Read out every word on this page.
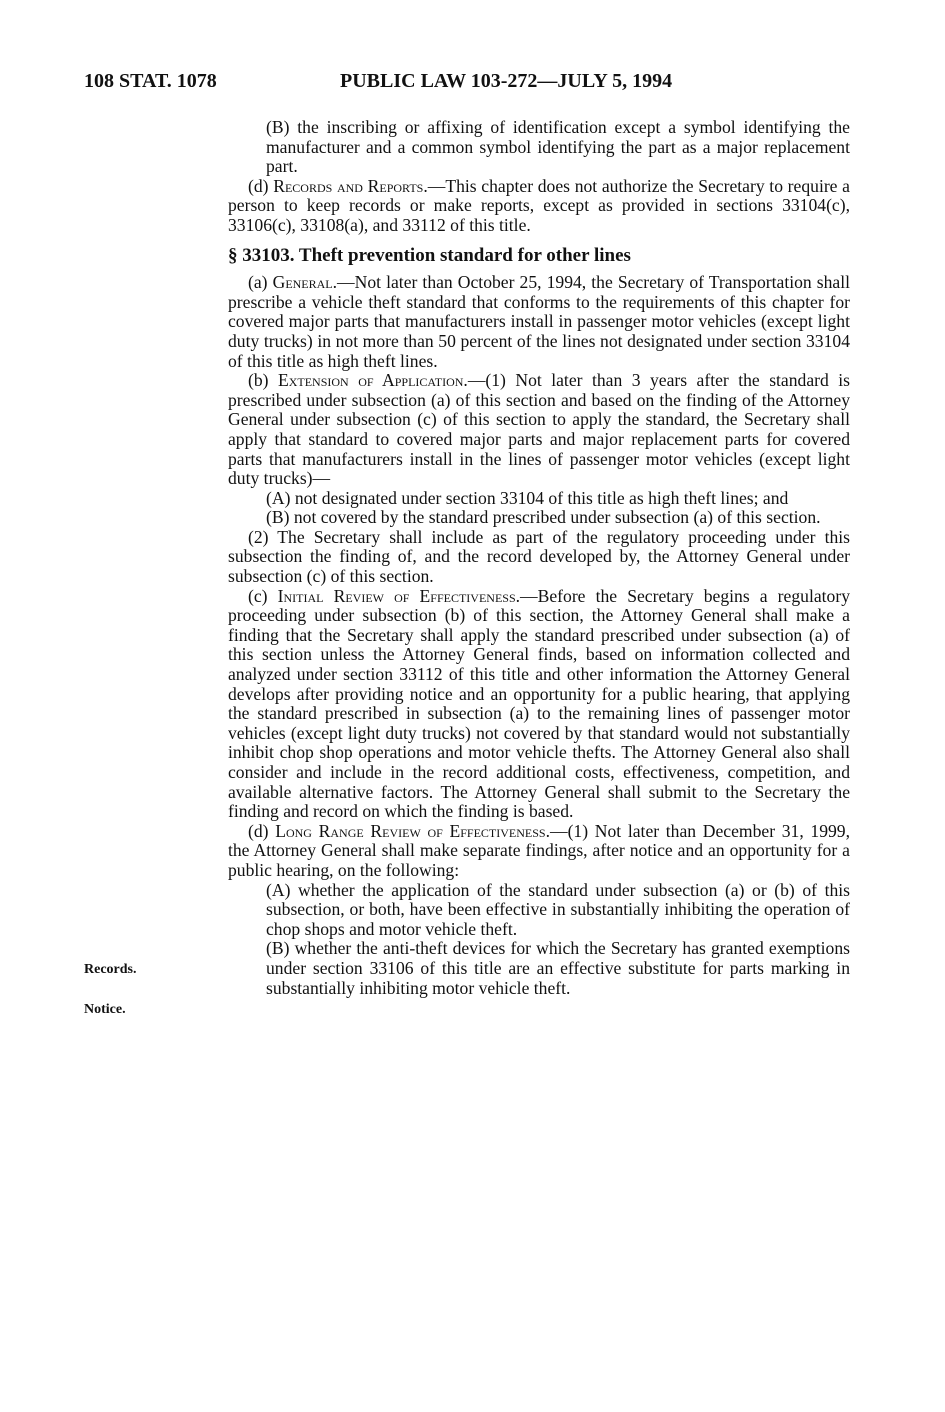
108 STAT. 1078	PUBLIC LAW 103-272—JULY 5, 1994
Records.
Notice.

(B) the inscribing or affixing of identification except a symbol identifying the manufacturer and a common symbol identifying the part as a major replacement part.

(d) Records and Reports.—This chapter does not authorize the Secretary to require a person to keep records or make reports, except as provided in sections 33104(c), 33106(c), 33108(a), and 33112 of this title.

§ 33103. Theft prevention standard for other lines

(a) General.—Not later than October 25, 1994, the Secretary of Transportation shall prescribe a vehicle theft standard that conforms to the requirements of this chapter for covered major parts that manufacturers install in passenger motor vehicles (except light duty trucks) in not more than 50 percent of the lines not designated under section 33104 of this title as high theft lines.

(b) Extension of Application.—(1) Not later than 3 years after the standard is prescribed under subsection (a) of this section and based on the finding of the Attorney General under subsection (c) of this section to apply the standard, the Secretary shall apply that standard to covered major parts and major replacement parts for covered parts that manufacturers install in the lines of passenger motor vehicles (except light duty trucks)—

(A) not designated under section 33104 of this title as high theft lines; and

(B) not covered by the standard prescribed under subsection (a) of this section.

(2) The Secretary shall include as part of the regulatory proceeding under this subsection the finding of, and the record developed by, the Attorney General under subsection (c) of this section.

(c) Initial Review of Effectiveness.—Before the Secretary begins a regulatory proceeding under subsection (b) of this section, the Attorney General shall make a finding that the Secretary shall apply the standard prescribed under subsection (a) of this section unless the Attorney General finds, based on information collected and analyzed under section 33112 of this title and other information the Attorney General develops after providing notice and an opportunity for a public hearing, that applying the standard prescribed in subsection (a) to the remaining lines of passenger motor vehicles (except light duty trucks) not covered by that standard would not substantially inhibit chop shop operations and motor vehicle thefts. The Attorney General also shall consider and include in the record additional costs, effectiveness, competition, and available alternative factors. The Attorney General shall submit to the Secretary the finding and record on which the finding is based.

(d) Long Range Review of Effectiveness.—(1) Not later than December 31, 1999, the Attorney General shall make separate findings, after notice and an opportunity for a public hearing, on the following:

(A) whether the application of the standard under subsection (a) or (b) of this subsection, or both, have been effective in substantially inhibiting the operation of chop shops and motor vehicle theft.

(B) whether the anti-theft devices for which the Secretary has granted exemptions under section 33106 of this title are an effective substitute for parts marking in substantially inhibiting motor vehicle theft.
